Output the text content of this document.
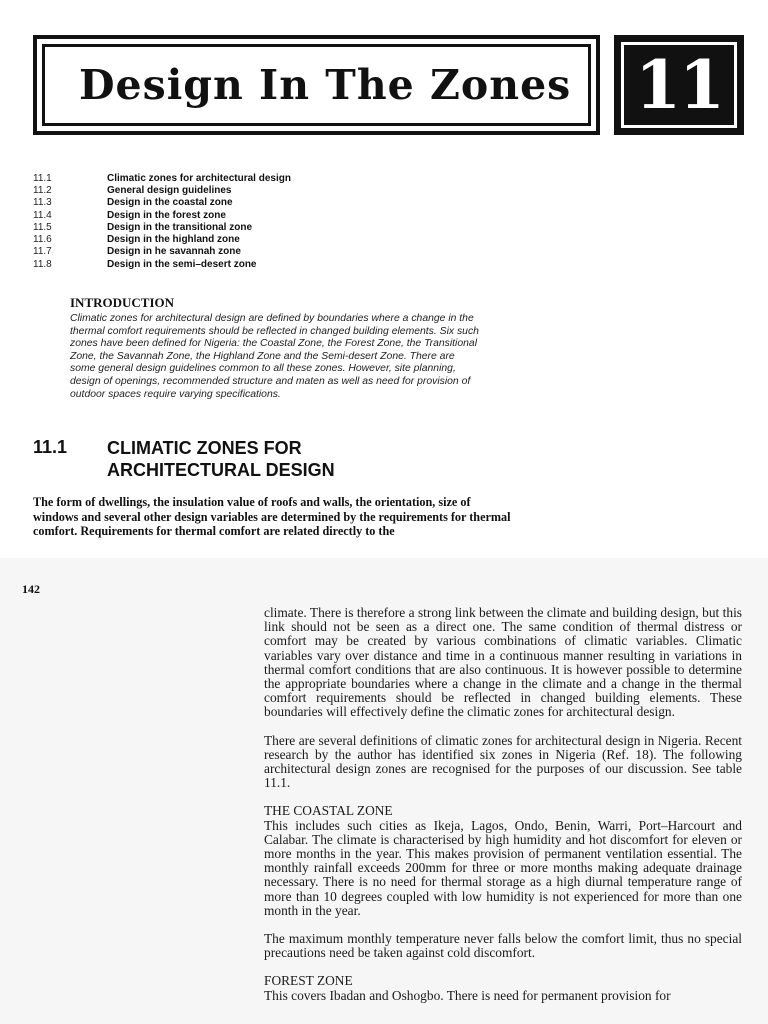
Design In The Zones 11
11.1	Climatic zones for architectural design
11.2	General design guidelines
11.3	Design in the coastal zone
11.4	Design in the forest zone
11.5	Design in the transitional zone
11.6	Design in the highland zone
11.7	Design in he savannah zone
11.8	Design in the semi–desert zone
INTRODUCTION
Climatic zones for architectural design are defined by boundaries where a change in the thermal comfort requirements should be reflected in changed building elements. Six such zones have been defined for Nigeria: the Coastal Zone, the Forest Zone, the Transitional Zone, the Savannah Zone, the Highland Zone and the Semi-desert Zone. There are some general design guidelines common to all these zones. However, site planning, design of openings, recommended structure and maten as well as need for provision of outdoor spaces require varying specifications.
11.1	CLIMATIC ZONES FOR
ARCHITECTURAL DESIGN
The form of dwellings, the insulation value of roofs and walls, the orientation, size of windows and several other design variables are determined by the requirements for thermal comfort. Requirements for thermal comfort are related directly to the
142

climate. There is therefore a strong link between the climate and building design, but this link should not be seen as a direct one. The same condition of thermal distress or comfort may be created by various combinations of climatic variables. Climatic variables vary over distance and time in a continuous manner resulting in variations in thermal comfort conditions that are also continuous. It is however possible to determine the appropriate boundaries where a change in the climate and a change in the thermal comfort requirements should be reflected in changed building elements. These boundaries will effectively define the climatic zones for architectural design.

There are several definitions of climatic zones for architectural design in Nigeria. Recent research by the author has identified six zones in Nigeria (Ref. 18). The following architectural design zones are recognised for the purposes of our discussion. See table 11.1.

THE COASTAL ZONE

This includes such cities as Ikeja, Lagos, Ondo, Benin, Warri, Port–Harcourt and Calabar. The climate is characterised by high humidity and hot discomfort for eleven or more months in the year. This makes provision of permanent ventilation essential. The monthly rainfall exceeds 200mm for three or more months making adequate drainage necessary. There is no need for thermal storage as a high diurnal temperature range of more than 10 degrees coupled with low humidity is not experienced for more than one month in the year.

The maximum monthly temperature never falls below the comfort limit, thus no special precautions need be taken against cold discomfort.

FOREST ZONE

This covers Ibadan and Oshogbo. There is need for permanent provision for
